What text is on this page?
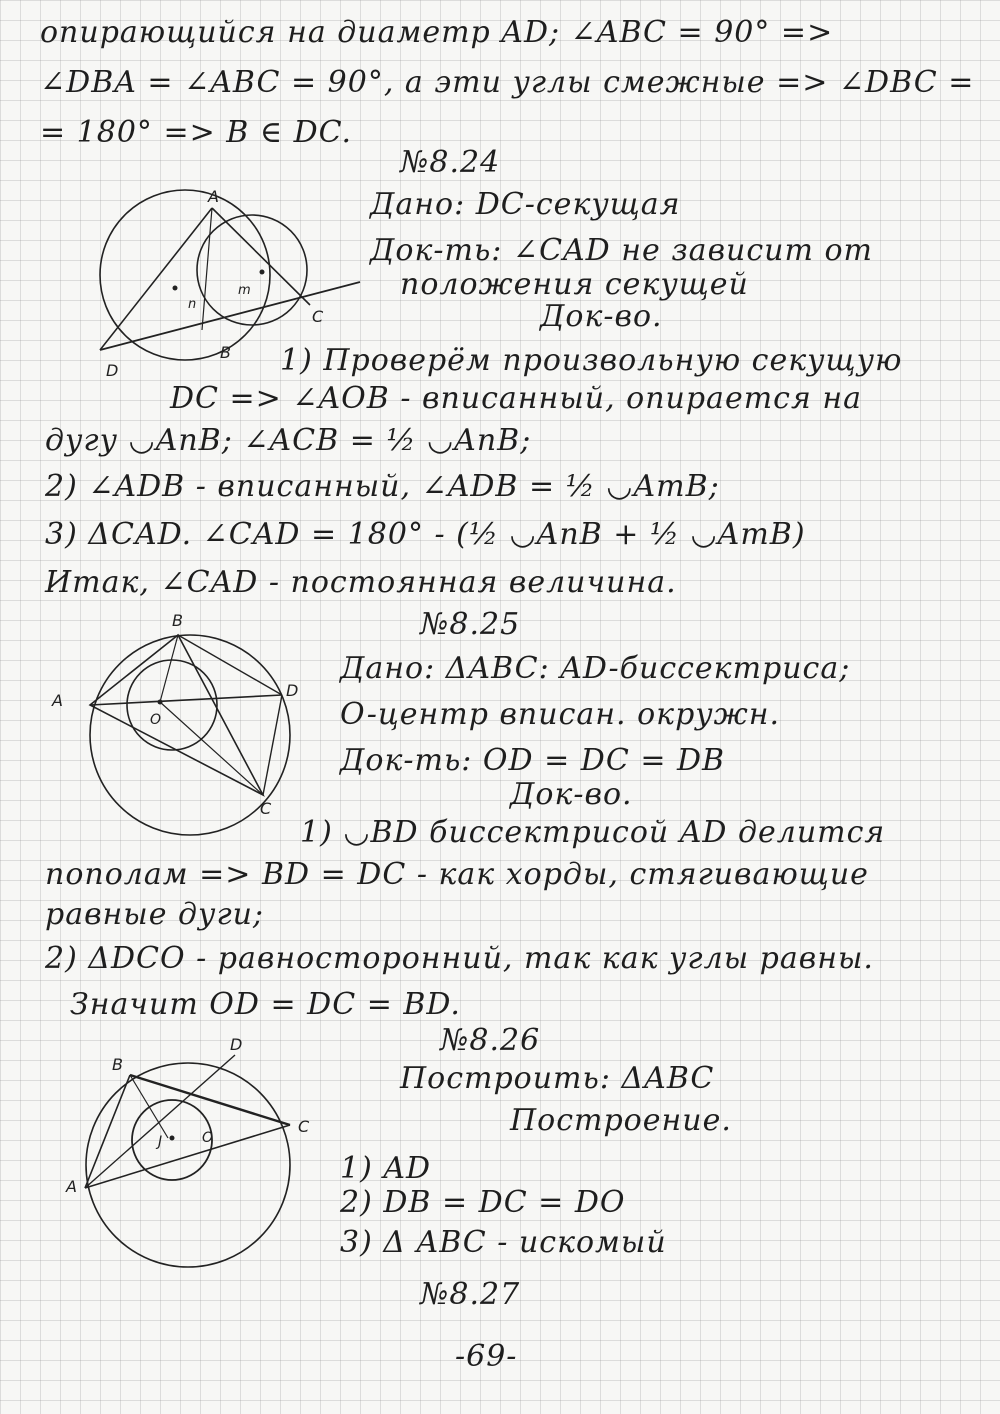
опирающийся на диаметр AD; ∠ABC = 90° =>
∠DBA = ∠ABC = 90°, а эти углы смежные => ∠DBC =
= 180° => B ∈ DC.
№8.24
Дано: DC-секущая
Док-ть: ∠CAD не зависит от
положения секущей
Док-во.
1) Проверём произвольную секущую
DC => ∠AOB - вписанный, опирается на
дугу ◡AnB; ∠ACB = ½ ◡AnB;
2) ∠ADB - вписанный, ∠ADB = ½ ◡AmB;
3) ΔCAD. ∠CAD = 180° - (½ ◡AnB + ½ ◡AmB)
Итак, ∠CAD - постоянная величина.
№8.25
Дано: ΔABC: AD-биссектриса;
O-центр вписан. окружн.
Док-ть: OD = DC = DB
Док-во.
1) ◡BD биссектрисой AD делится
пополам => BD = DC - как хорды, стягивающие
равные дуги;
2) ΔDCO - равносторонний, так как углы равны.
Значит OD = DC = BD.
№8.26
Построить: ΔABC
Построение.
1) AD
2) DB = DC = DO
3) Δ ABC - искомый
№8.27
-69-
A
B
C
D
n
m
B
A
D
C
O
B
D
C
A
J	O
